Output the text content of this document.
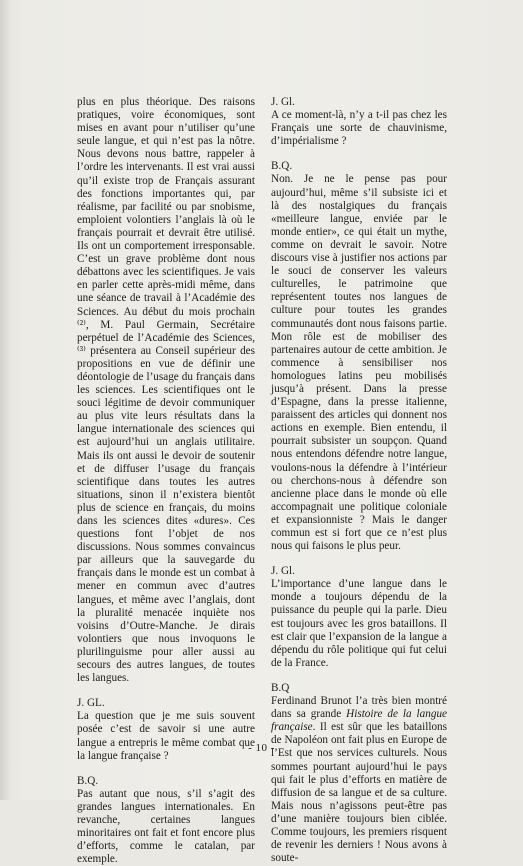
plus en plus théorique. Des raisons pratiques, voire économiques, sont mises en avant pour n’utiliser qu’une seule langue, et qui n’est pas la nôtre. Nous devons nous battre, rappeler à l’ordre les intervenants. Il est vrai aussi qu’il existe trop de Français assurant des fonctions importantes qui, par réalisme, par facilité ou par snobisme, emploient volontiers l’anglais là où le français pourrait et devrait être utilisé. Ils ont un comportement irresponsable. C’est un grave problème dont nous débattons avec les scientifiques. Je vais en parler cette après-midi même, dans une séance de travail à l’Académie des Sciences. Au début du mois prochain ⁽²⁾, M. Paul Germain, Secrétaire perpétuel de l’Académie des Sciences, ⁽³⁾ présentera au Conseil supérieur des propositions en vue de définir une déontologie de l’usage du français dans les sciences. Les scientifiques ont le souci légitime de devoir communiquer au plus vite leurs résultats dans la langue internationale des sciences qui est aujourd’hui un anglais utilitaire. Mais ils ont aussi le devoir de soutenir et de diffuser l’usage du français scientifique dans toutes les autres situations, sinon il n’existera bientôt plus de science en français, du moins dans les sciences dites «dures». Ces questions font l’objet de nos discussions. Nous sommes convaincus par ailleurs que la sauvegarde du français dans le monde est un combat à mener en commun avec d’autres langues, et même avec l’anglais, dont la pluralité menacée inquiète nos voisins d’Outre-Manche. Je dirais volontiers que nous invoquons le plurilinguisme pour aller aussi au secours des autres langues, de toutes les langues.

J. GL.

La question que je me suis souvent posée c’est de savoir si une autre langue a entrepris le même combat que la langue française ?

B.Q.

Pas autant que nous, s’il s’agit des grandes langues internationales. En revanche, certaines langues minoritaires ont fait et font encore plus d’efforts, comme le catalan, par exemple.

J. Gl.

A ce moment-là, n’y a t-il pas chez les Français une sorte de chauvinisme, d’impérialisme ?

B.Q.

Non. Je ne le pense pas pour aujourd’hui, même s’il subsiste ici et là des nostalgiques du français «meilleure langue, enviée par le monde entier», ce qui était un mythe, comme on devrait le savoir. Notre discours vise à justifier nos actions par le souci de conserver les valeurs culturelles, le patrimoine que représentent toutes nos langues de culture pour toutes les grandes communautés dont nous faisons partie. Mon rôle est de mobiliser des partenaires autour de cette ambition. Je commence à sensibiliser nos homologues latins peu mobilisés jusqu’à présent. Dans la presse d’Espagne, dans la presse italienne, paraissent des articles qui donnent nos actions en exemple. Bien entendu, il pourrait subsister un soupçon. Quand nous entendons défendre notre langue, voulons-nous la défendre à l’intérieur ou cherchons-nous à défendre son ancienne place dans le monde où elle accompagnait une politique coloniale et expansionniste ? Mais le danger commun est si fort que ce n’est plus nous qui faisons le plus peur.

J. Gl.

L’importance d’une langue dans le monde a toujours dépendu de la puissance du peuple qui la parle. Dieu est toujours avec les gros bataillons. Il est clair que l’expansion de la langue a dépendu du rôle politique qui fut celui de la France.

B.Q

Ferdinand Brunot l’a très bien montré dans sa grande Histoire de la langue française. Il est sûr que les bataillons de Napoléon ont fait plus en Europe de l’Est que nos services culturels. Nous sommes pourtant aujourd’hui le pays qui fait le plus d’efforts en matière de diffusion de sa langue et de sa culture. Mais nous n’agissons peut-être pas d’une manière toujours bien ciblée. Comme toujours, les premiers risquent de revenir les derniers ! Nous avons à soute-

- 10 -
